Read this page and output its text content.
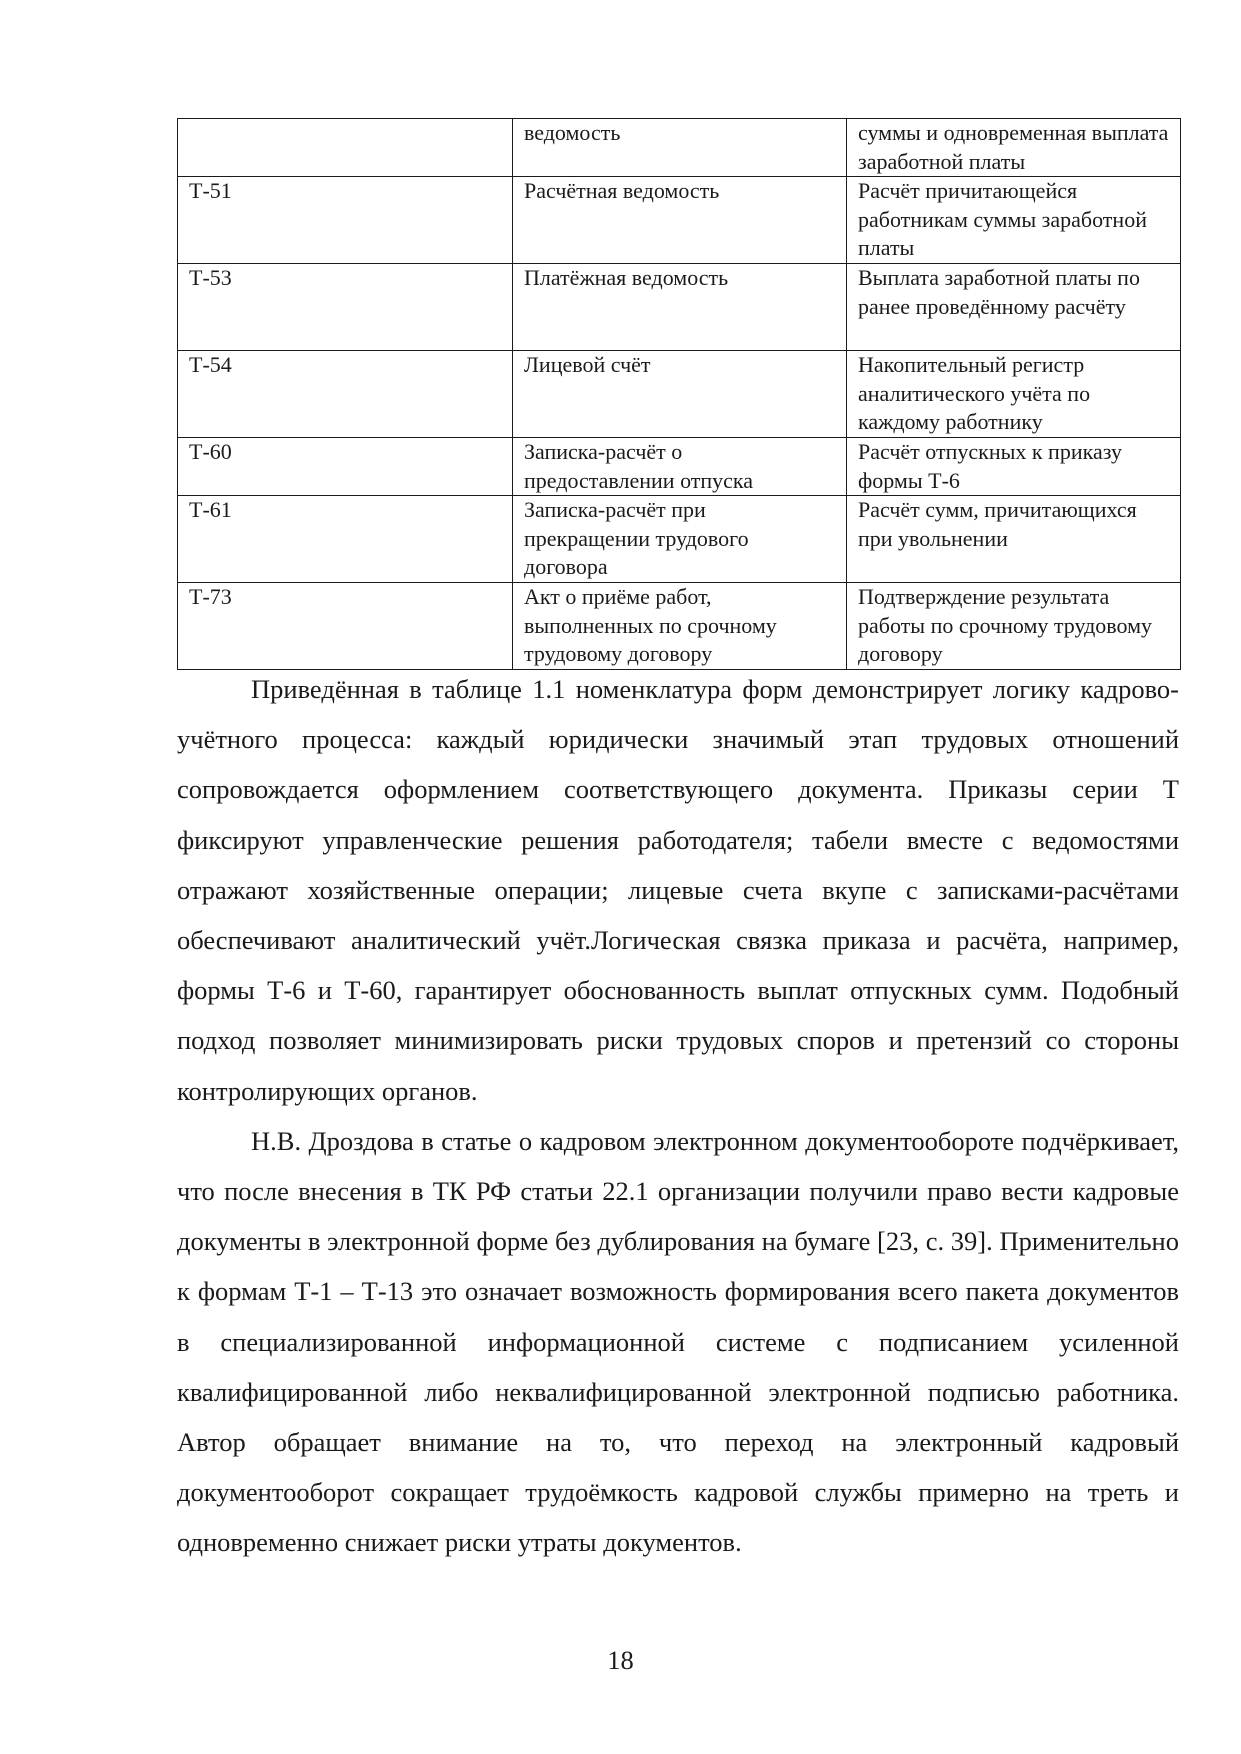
	ведомость	суммы и одновременная выплата заработной платы
Т-51	Расчётная ведомость	Расчёт причитающейся работникам суммы заработной платы
Т-53	Платёжная ведомость	Выплата заработной платы по ранее проведённому расчёту
Т-54	Лицевой счёт	Накопительный регистр аналитического учёта по каждому работнику
Т-60	Записка-расчёт о предоставлении отпуска	Расчёт отпускных к приказу формы Т-6
Т-61	Записка-расчёт при прекращении трудового договора	Расчёт сумм, причитающихся при увольнении
Т-73	Акт о приёме работ, выполненных по срочному трудовому договору	Подтверждение результата работы по срочному трудовому договору

Приведённая в таблице 1.1 номенклатура форм демонстрирует логику кадрово-учётного процесса: каждый юридически значимый этап трудовых отношений сопровождается оформлением соответствующего документа. Приказы серии Т фиксируют управленческие решения работодателя; табели вместе с ведомостями отражают хозяйственные операции; лицевые счета вкупе с записками-расчётами обеспечивают аналитический учёт.Логическая связка приказа и расчёта, например, формы Т-6 и Т-60, гарантирует обоснованность выплат отпускных сумм. Подобный подход позволяет минимизировать риски трудовых споров и претензий со стороны контролирующих органов.

Н.В. Дроздова в статье о кадровом электронном документообороте подчёркивает, что после внесения в ТК РФ статьи 22.1 организации получили право вести кадровые документы в электронной форме без дублирования на бумаге [23, с. 39]. Применительно к формам Т-1 – Т-13 это означает возможность формирования всего пакета документов в специализированной информационной системе с подписанием усиленной квалифицированной либо неквалифицированной электронной подписью работника. Автор обращает внимание на то, что переход на электронный кадровый документооборот сокращает трудоёмкость кадровой службы примерно на треть и одновременно снижает риски утраты документов.

18
